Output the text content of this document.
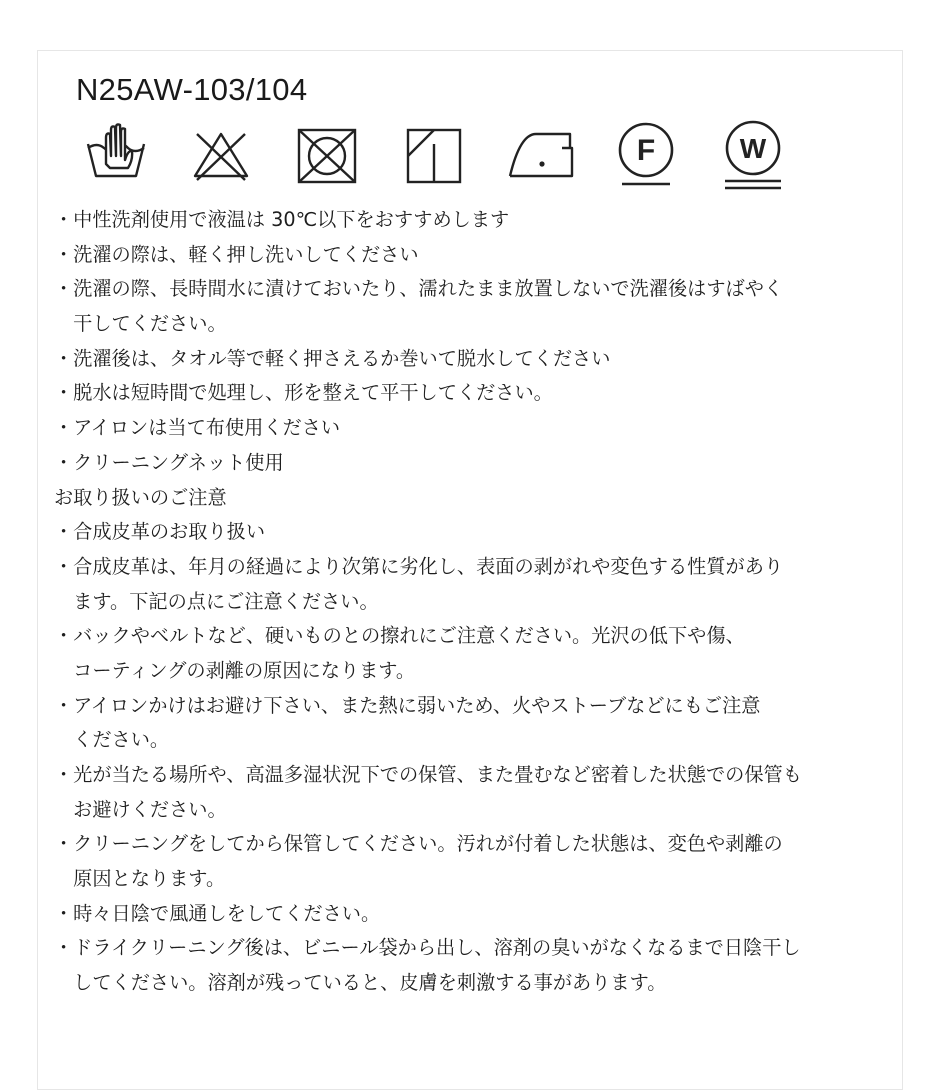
N25AW-103/104
F	W
・中性洗剤使用で液温は 30℃以下をおすすめします
・洗濯の際は、軽く押し洗いしてください
・洗濯の際、長時間水に漬けておいたり、濡れたまま放置しないで洗濯後はすばやく
　干してください。
・洗濯後は、タオル等で軽く押さえるか巻いて脱水してください
・脱水は短時間で処理し、形を整えて平干してください。
・アイロンは当て布使用ください
・クリーニングネット使用
お取り扱いのご注意
・合成皮革のお取り扱い
・合成皮革は、年月の経過により次第に劣化し、表面の剥がれや変色する性質があり
　ます。下記の点にご注意ください。
・バックやベルトなど、硬いものとの擦れにご注意ください。光沢の低下や傷、
　コーティングの剥離の原因になります。
・アイロンかけはお避け下さい、また熱に弱いため、火やストーブなどにもご注意
　ください。
・光が当たる場所や、高温多湿状況下での保管、また畳むなど密着した状態での保管も
　お避けください。
・クリーニングをしてから保管してください。汚れが付着した状態は、変色や剥離の
　原因となります。
・時々日陰で風通しをしてください。
・ドライクリーニング後は、ビニール袋から出し、溶剤の臭いがなくなるまで日陰干し
　してください。溶剤が残っていると、皮膚を刺激する事があります。
